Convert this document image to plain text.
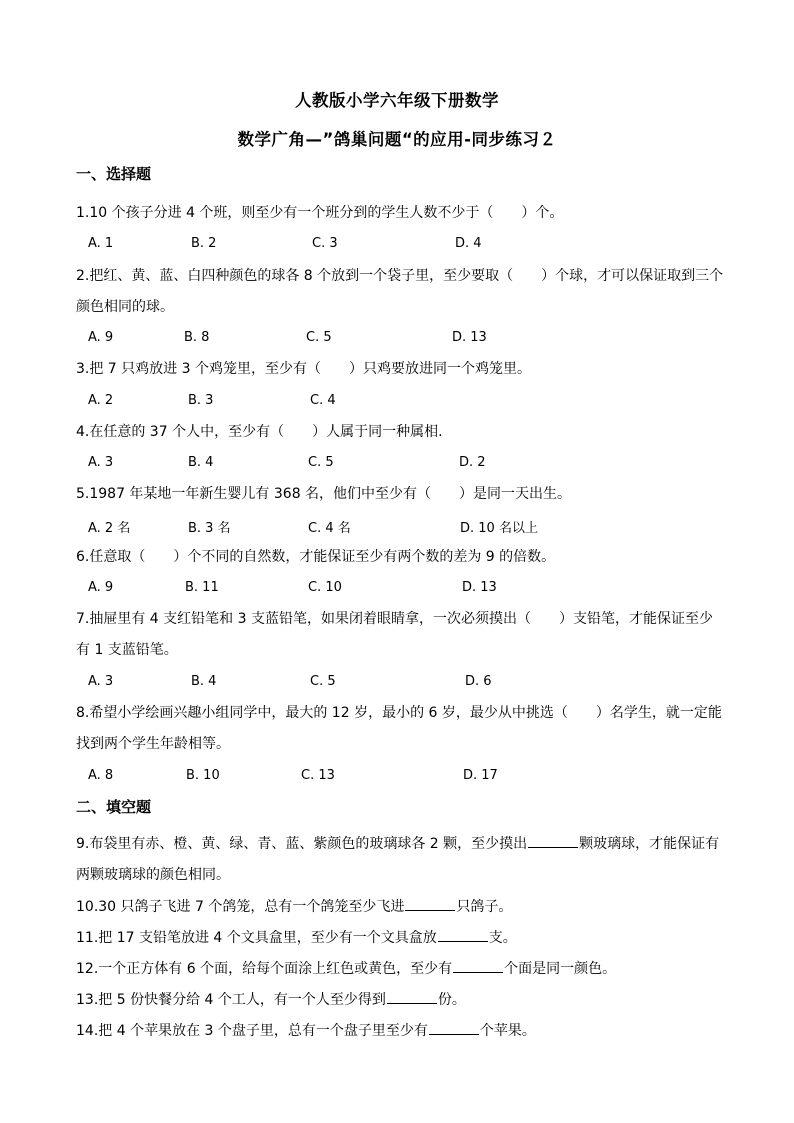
人教版小学六年级下册数学
数学广角—”鸽巢问题“的应用-同步练习２
一、选择题
1.10 个孩子分进 4 个班，则至少有一个班分到的学生人数不少于（　　）个。
A. 1	B. 2	C. 3	D. 4
2.把红、黄、蓝、白四种颜色的球各 8 个放到一个袋子里，至少要取（　　）个球，才可以保证取到三个颜色相同的球。
A. 9	B. 8	C. 5	D. 13
3.把 7 只鸡放进 3 个鸡笼里，至少有（　　）只鸡要放进同一个鸡笼里。
A. 2	B. 3	C. 4
4.在任意的 37 个人中，至少有（　　）人属于同一种属相.
A. 3	B. 4	C. 5	D. 2
5.1987 年某地一年新生婴儿有 368 名，他们中至少有（　　）是同一天出生。
A. 2 名	B. 3 名	C. 4 名	D. 10 名以上
6.任意取（　　）个不同的自然数，才能保证至少有两个数的差为 9 的倍数。
A. 9	B. 11	C. 10	D. 13
7.抽屉里有 4 支红铅笔和 3 支蓝铅笔，如果闭着眼睛拿，一次必须摸出（　　）支铅笔，才能保证至少有 1 支蓝铅笔。
A. 3	B. 4	C. 5	D. 6
8.希望小学绘画兴趣小组同学中，最大的 12 岁，最小的 6 岁，最少从中挑选（　　）名学生，就一定能找到两个学生年龄相等。
A. 8	B. 10	C. 13	D. 17
二、填空题
9.布袋里有赤、橙、黄、绿、青、蓝、紫颜色的玻璃球各 2 颗，至少摸出	颗玻璃球，才能保证有两颗玻璃球的颜色相同。
10.30 只鸽子飞进 7 个鸽笼，总有一个鸽笼至少飞进	只鸽子。
11.把 17 支铅笔放进 4 个文具盒里，至少有一个文具盒放	支。
12.一个正方体有 6 个面，给每个面涂上红色或黄色，至少有	个面是同一颜色。
13.把 5 份快餐分给 4 个工人，有一个人至少得到	份。
14.把 4 个苹果放在 3 个盘子里，总有一个盘子里至少有	个苹果。
